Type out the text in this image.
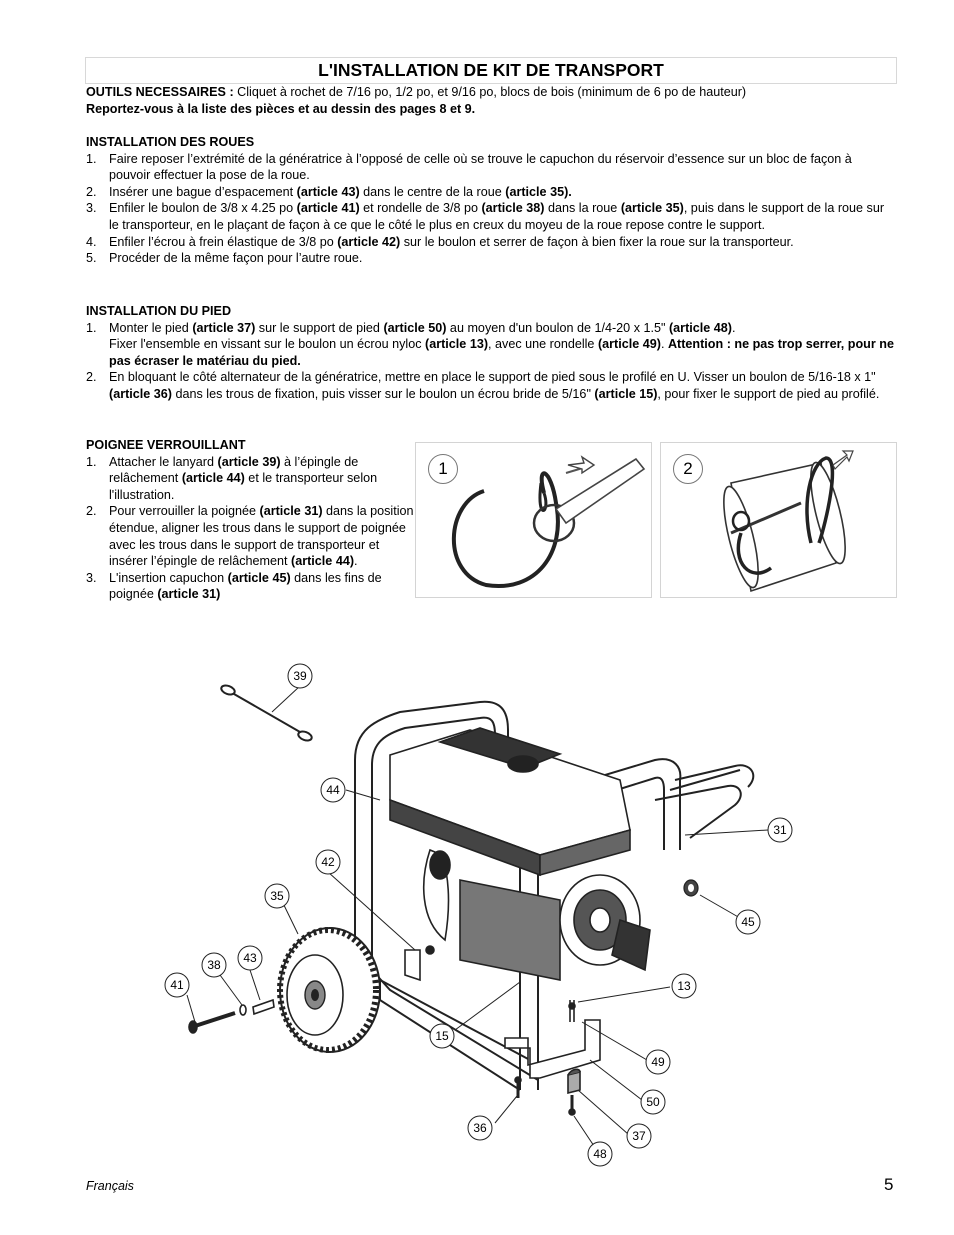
L'INSTALLATION DE KIT DE TRANSPORT
OUTILS NECESSAIRES : Cliquet à rochet de 7/16 po, 1/2 po, et 9/16 po, blocs de bois (minimum de 6 po de hauteur)
Reportez-vous à la liste des pièces et au dessin des pages 8 et 9.
INSTALLATION DES ROUES
1. Faire reposer l’extrémité de la génératrice à l’opposé de celle où se trouve le capuchon du réservoir d’essence sur un bloc de façon à pouvoir effectuer la pose de la roue.
2. Insérer une bague d’espacement (article 43) dans le centre de la roue (article 35).
3. Enfiler le boulon de 3/8 x 4.25 po (article 41) et rondelle de 3/8 po (article 38) dans la roue (article 35), puis dans le support de la roue sur le transporteur, en le plaçant de façon à ce que le côté le plus en creux du moyeu de la roue repose contre le support.
4. Enfiler l’écrou à frein élastique de 3/8 po (article 42) sur le boulon et serrer de façon à bien fixer la roue sur la transporteur.
5. Procéder de la même façon pour l’autre roue.
INSTALLATION DU PIED
1. Monter le pied (article 37) sur le support de pied (article 50) au moyen d'un boulon de 1/4-20 x 1.5" (article 48).
Fixer l'ensemble en vissant sur le boulon un écrou nyloc (article 13), avec une rondelle (article 49). Attention : ne pas trop serrer, pour ne pas écraser le matériau du pied.
2. En bloquant le côté alternateur de la génératrice, mettre en place le support de pied sous le profilé en U. Visser un boulon de 5/16-18 x 1" (article 36) dans les trous de fixation, puis visser sur le boulon un écrou bride de 5/16" (article 15), pour fixer le support de pied au profilé.
POIGNEE VERROUILLANT
1. Attacher le lanyard (article 39) à l’épingle de relâchement (article 44) et le transporteur selon l'illustration.
2. Pour verrouiller la poignée (article 31) dans la position étendue, aligner les trous dans le support de poignée avec les trous dans le support de transporteur et insérer l’épingle de relâchement (article 44).
3. L'insertion capuchon (article 45) dans les fins de poignée (article 31)
1	2
39
44
42
35
43
38
41
15
31
45
13
49
50
37
36
48
Français	5
